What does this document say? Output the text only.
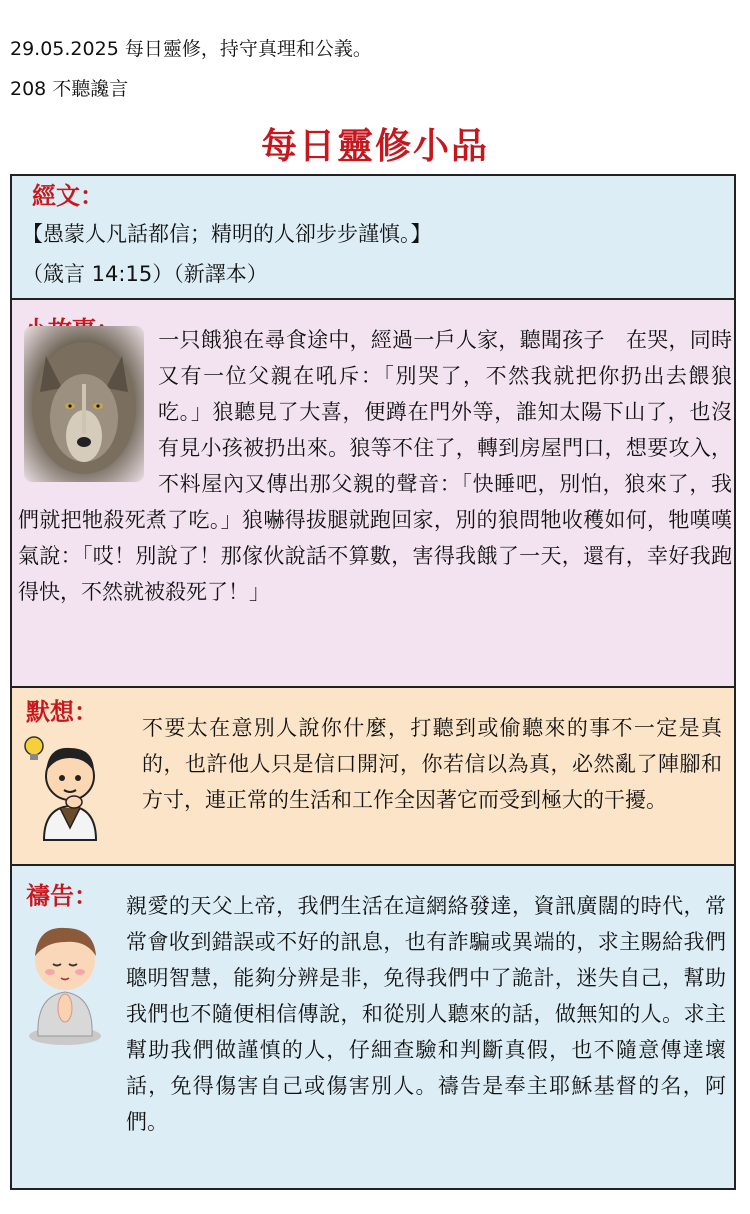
29.05.2025 每日靈修，持守真理和公義。
208 不聽讒言
每日靈修小品
經文：
【愚蒙人凡話都信；精明的人卻步步謹慎。】
（箴言 14:15）（新譯本）
一只餓狼在尋食途中，經過一戶人家，聽聞孩子　在哭，同時又有一位父親在吼斥：「別哭了，不然我就把你扔出去餵狼吃。」狼聽見了大喜，便蹲在門外等，誰知太陽下山了，也沒有見小孩被扔出來。狼等不住了，轉到房屋門口，想要攻入，不料屋內又傳出那父親的聲音：「快睡吧，別怕，狼來了，我們就把牠殺死煮了吃。」狼嚇得拔腿就跑回家，別的狼問牠收穫如何，牠嘆嘆氣說：「哎！別說了！那傢伙說話不算數，害得我餓了一天，還有，幸好我跑得快，不然就被殺死了！」
默想：
不要太在意別人說你什麼，打聽到或偷聽來的事不一定是真的，也許他人只是信口開河，你若信以為真，必然亂了陣腳和方寸，連正常的生活和工作全因著它而受到極大的干擾。
禱告： 親愛的天父上帝，我們生活在這網絡發達，資訊廣闊的時代，常常會收到錯誤或不好的訊息，也有詐騙或異端的，求主賜給我們聰明智慧，能夠分辨是非，免得我們中了詭計，迷失自己，幫助我們也不隨便相信傳說，和從別人聽來的話，做無知的人。求主幫助我們做謹慎的人，仔細查驗和判斷真假，也不隨意傳達壞話，免得傷害自己或傷害別人。禱告是奉主耶穌基督的名，阿們。
